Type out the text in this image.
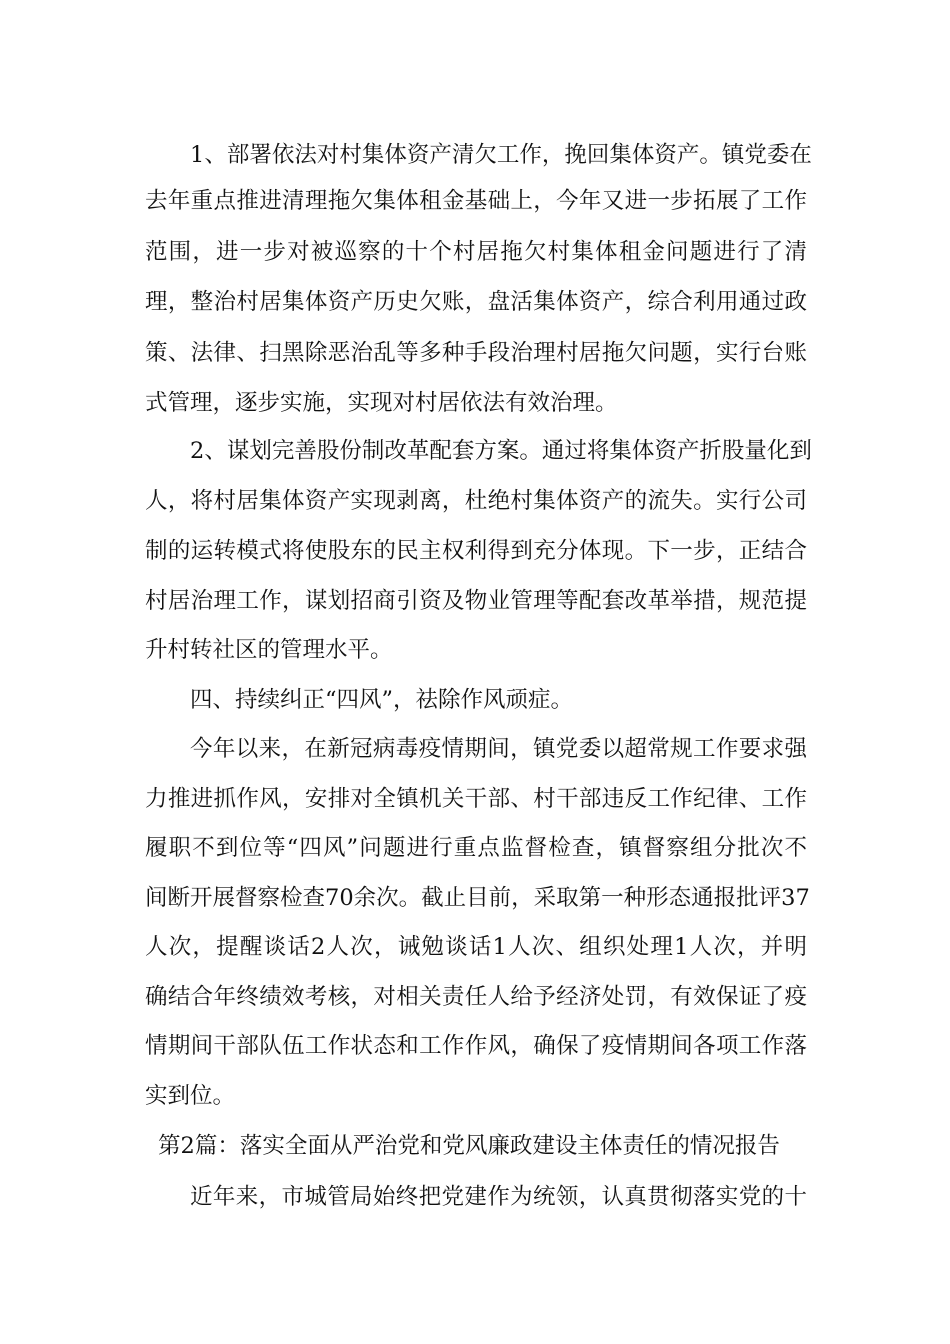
1、部署依法对村集体资产清欠工作，挽回集体资产。镇党委在
去年重点推进清理拖欠集体租金基础上，今年又进一步拓展了工作
范围，进一步对被巡察的十个村居拖欠村集体租金问题进行了清
理，整治村居集体资产历史欠账，盘活集体资产，综合利用通过政
策、法律、扫黑除恶治乱等多种手段治理村居拖欠问题，实行台账
式管理，逐步实施，实现对村居依法有效治理。
2、谋划完善股份制改革配套方案。通过将集体资产折股量化到
人，将村居集体资产实现剥离，杜绝村集体资产的流失。实行公司
制的运转模式将使股东的民主权利得到充分体现。下一步，正结合
村居治理工作，谋划招商引资及物业管理等配套改革举措，规范提
升村转社区的管理水平。
四、持续纠正“四风”，祛除作风顽症。
今年以来，在新冠病毒疫情期间，镇党委以超常规工作要求强
力推进抓作风，安排对全镇机关干部、村干部违反工作纪律、工作
履职不到位等“四风”问题进行重点监督检查，镇督察组分批次不
间断开展督察检查70余次。截止目前，采取第一种形态通报批评37
人次，提醒谈话2人次，诫勉谈话1人次、组织处理1人次，并明
确结合年终绩效考核，对相关责任人给予经济处罚，有效保证了疫
情期间干部队伍工作状态和工作作风，确保了疫情期间各项工作落
实到位。
第2篇：落实全面从严治党和党风廉政建设主体责任的情况报告
近年来，市城管局始终把党建作为统领，认真贯彻落实党的十
